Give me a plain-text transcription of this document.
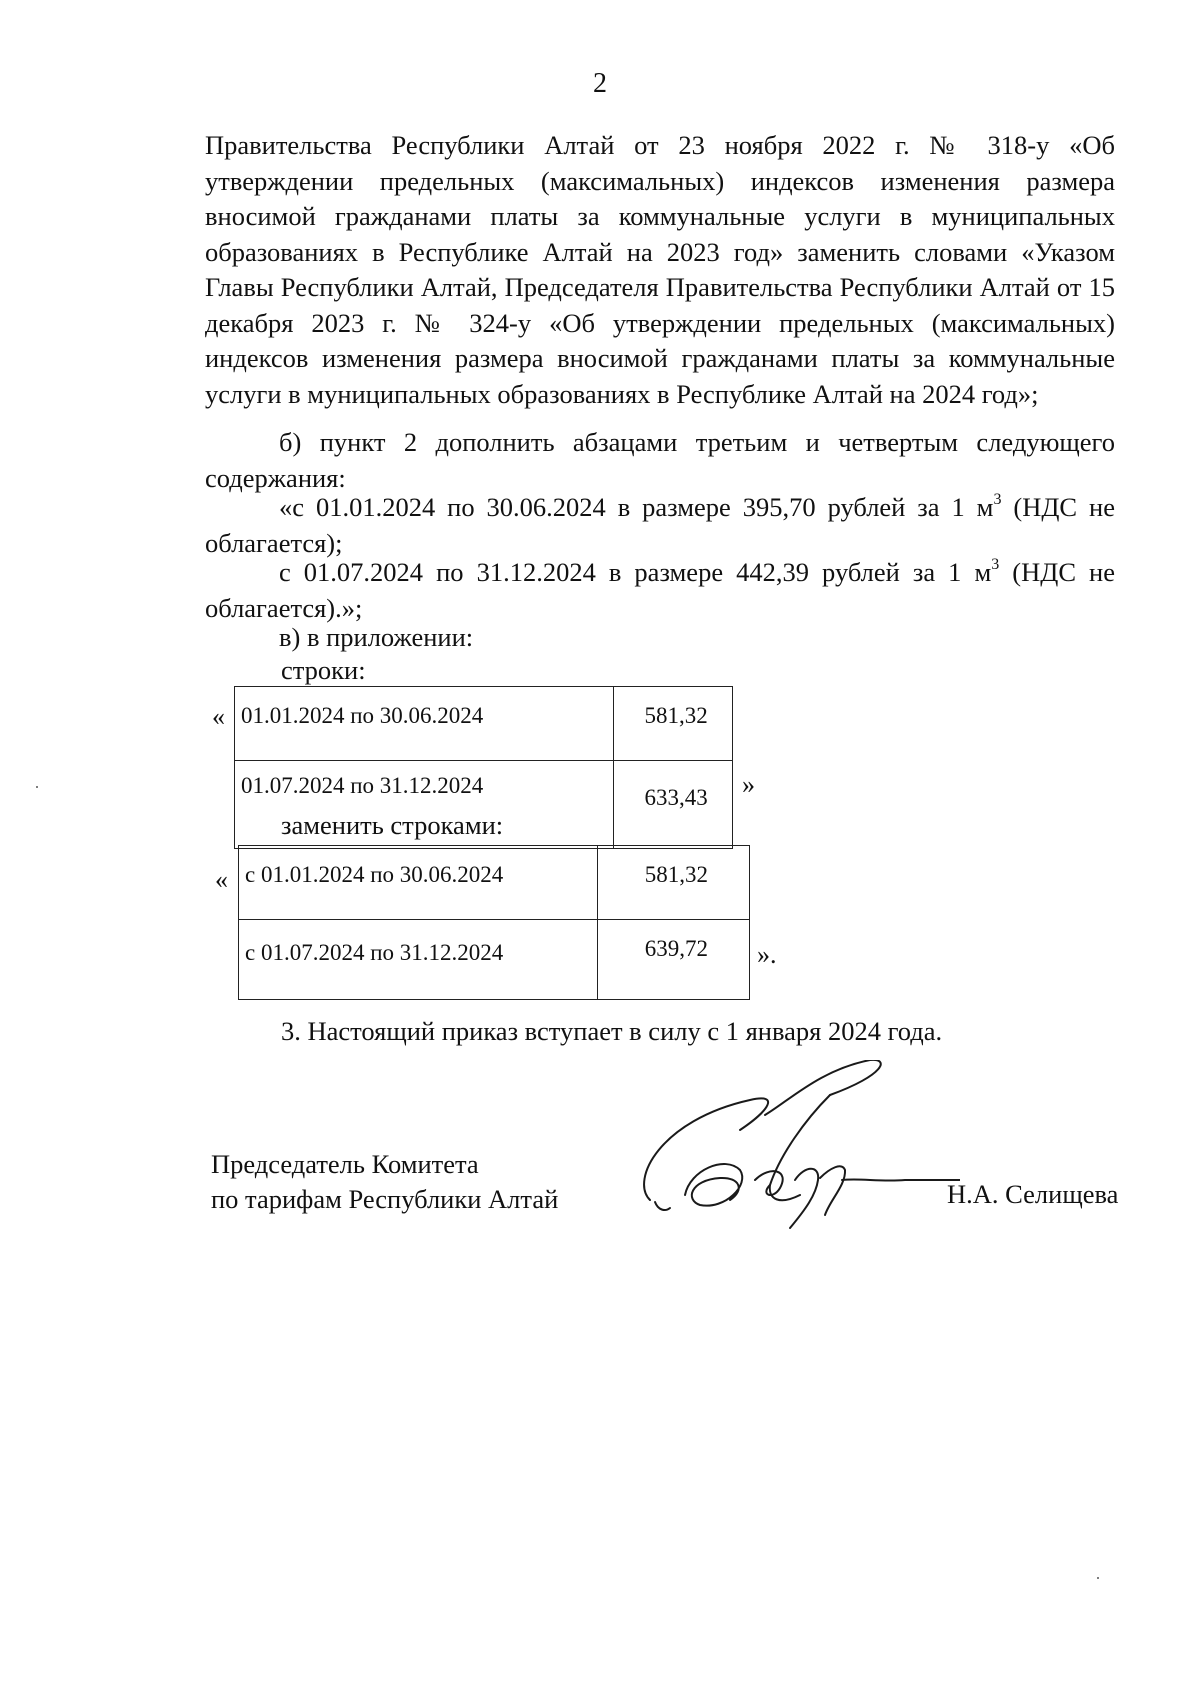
2
Правительства Республики Алтай от 23 ноября 2022 г. № 318-у «Об утверждении предельных (максимальных) индексов изменения размера вносимой гражданами платы за коммунальные услуги в муниципальных образованиях в Республике Алтай на 2023 год» заменить словами «Указом Главы Республики Алтай, Председателя Правительства Республики Алтай от 15 декабря 2023 г. № 324-у «Об утверждении предельных (максимальных) индексов изменения размера вносимой гражданами платы за коммунальные услуги в муниципальных образованиях в Республике Алтай на 2024 год»;
б) пункт 2 дополнить абзацами третьим и четвертым следующего содержания:
«с 01.01.2024 по 30.06.2024 в размере 395,70 рублей за 1 $м^3$ (НДС не облагается);
с 01.07.2024 по 31.12.2024 в размере 442,39 рублей за 1 $м^3$ (НДС не облагается).»;
в) в приложении:
строки:
« 01.01.2024 по 30.06.2024	581,32
01.07.2024 по 31.12.2024	633,43 »
заменить строками:
« с 01.01.2024 по 30.06.2024	581,32
с 01.07.2024 по 31.12.2024	639,72 ».
3. Настоящий приказ вступает в силу с 1 января 2024 года.
Председатель Комитета
по тарифам Республики Алтай	Н.А. Селищева
